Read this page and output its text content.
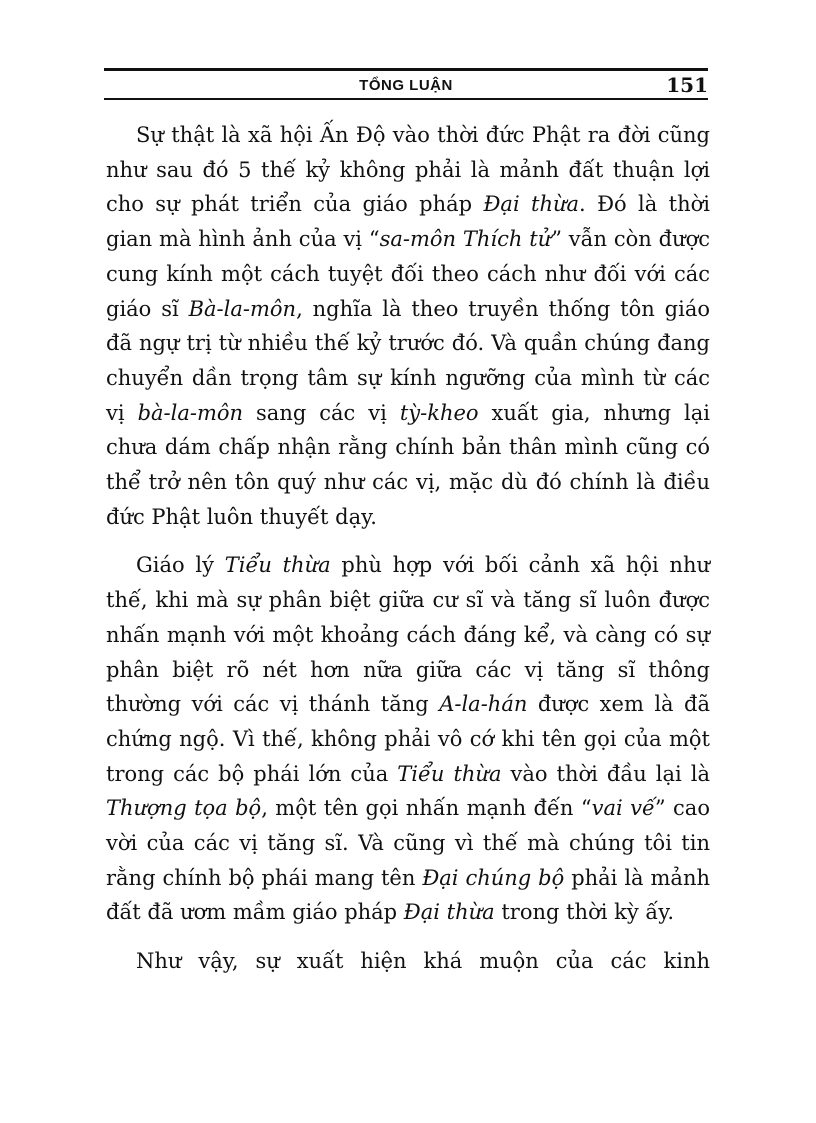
TỔNG LUẬN	151

Sự thật là xã hội Ấn Độ vào thời đức Phật ra đời cũng như sau đó 5 thế kỷ không phải là mảnh đất thuận lợi cho sự phát triển của giáo pháp Đại thừa. Đó là thời gian mà hình ảnh của vị “sa-môn Thích tử” vẫn còn được cung kính một cách tuyệt đối theo cách như đối với các giáo sĩ Bà-la-môn, nghĩa là theo truyền thống tôn giáo đã ngự trị từ nhiều thế kỷ trước đó. Và quần chúng đang chuyển dần trọng tâm sự kính ngưỡng của mình từ các vị bà-la-môn sang các vị tỳ-kheo xuất gia, nhưng lại chưa dám chấp nhận rằng chính bản thân mình cũng có thể trở nên tôn quý như các vị, mặc dù đó chính là điều đức Phật luôn thuyết dạy.

Giáo lý Tiểu thừa phù hợp với bối cảnh xã hội như thế, khi mà sự phân biệt giữa cư sĩ và tăng sĩ luôn được nhấn mạnh với một khoảng cách đáng kể, và càng có sự phân biệt rõ nét hơn nữa giữa các vị tăng sĩ thông thường với các vị thánh tăng A-la-hán được xem là đã chứng ngộ. Vì thế, không phải vô cớ khi tên gọi của một trong các bộ phái lớn của Tiểu thừa vào thời đầu lại là Thượng tọa bộ, một tên gọi nhấn mạnh đến “vai vế” cao vời của các vị tăng sĩ. Và cũng vì thế mà chúng tôi tin rằng chính bộ phái mang tên Đại chúng bộ phải là mảnh đất đã ươm mầm giáo pháp Đại thừa trong thời kỳ ấy.

Như vậy, sự xuất hiện khá muộn của các kinh
